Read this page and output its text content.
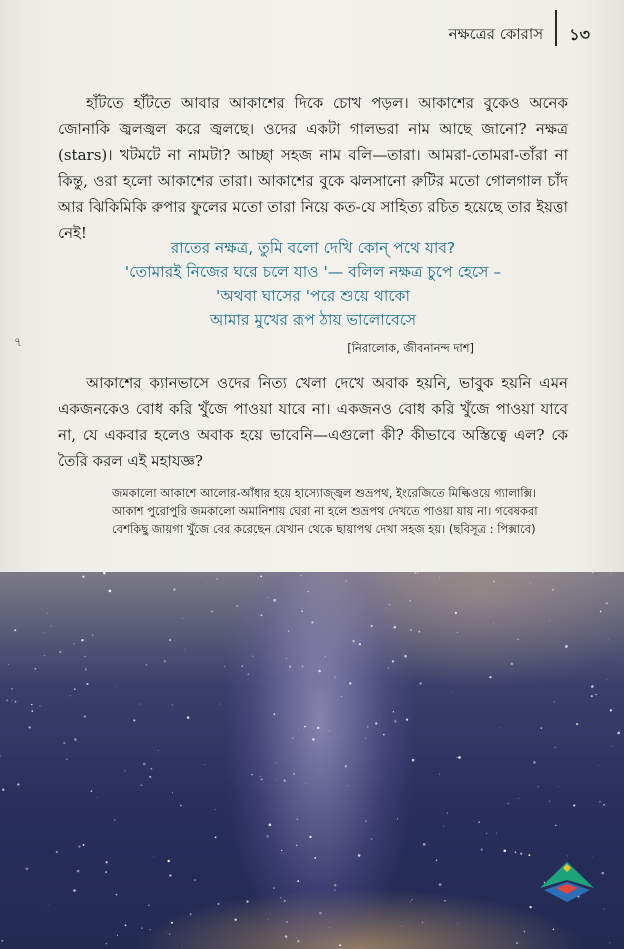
নক্ষত্রের কোরাস ১৩

হাঁটতে হাঁটতে আবার আকাশের দিকে চোখ পড়ল। আকাশের বুকেও অনেক জোনাকি জ্বলজ্বল করে জ্বলছে। ওদের একটা গালভরা নাম আছে জানো? নক্ষত্র (stars)। খটমটে না নামটা? আচ্ছা সহজ নাম বলি—তারা। আমরা-তোমরা-তাঁরা না কিন্তু, ওরা হলো আকাশের তারা। আকাশের বুকে ঝলসানো রুটির মতো গোলগাল চাঁদ আর ঝিকিমিকি রুপার ফুলের মতো তারা নিয়ে কত-যে সাহিত্য রচিত হয়েছে তার ইয়ত্তা নেই!

রাতের নক্ষত্র, তুমি বলো দেখি কোন্ পথে যাব?
'তোমারই নিজের ঘরে চলে যাও '— বলিল নক্ষত্র চুপে হেসে –
'অথবা ঘাসের 'পরে শুয়ে থাকো
আমার মুখের রূপ ঠায় ভালোবেসে
[নিরালোক, জীবনানন্দ দাশ]
৭

আকাশের ক্যানভাসে ওদের নিত্য খেলা দেখে অবাক হয়নি, ভাবুক হয়নি এমন একজনকেও বোধ করি খুঁজে পাওয়া যাবে না। একজনও বোধ করি খুঁজে পাওয়া যাবে না, যে একবার হলেও অবাক হয়ে ভাবেনি—এগুলো কী? কীভাবে অস্তিত্বে এল? কে তৈরি করল এই মহাযজ্ঞ?

জমকালো আকাশে আলোর-আঁধার হয়ে হাস্যোজ্জ্বল শুভ্রপথ, ইংরেজিতে মিল্কিওয়ে গ্যালাক্সি। আকাশ পুরোপুরি জমকালো অমানিশায় ঘেরা না হলে শুভ্রপথ দেখতে পাওয়া যায় না। গবেষকরা বেশকিছু জায়গা খুঁজে বের করেছেন যেখান থেকে ছায়াপথ দেখা সহজ হয়। (ছবিসূত্র : পিক্সাবে)
